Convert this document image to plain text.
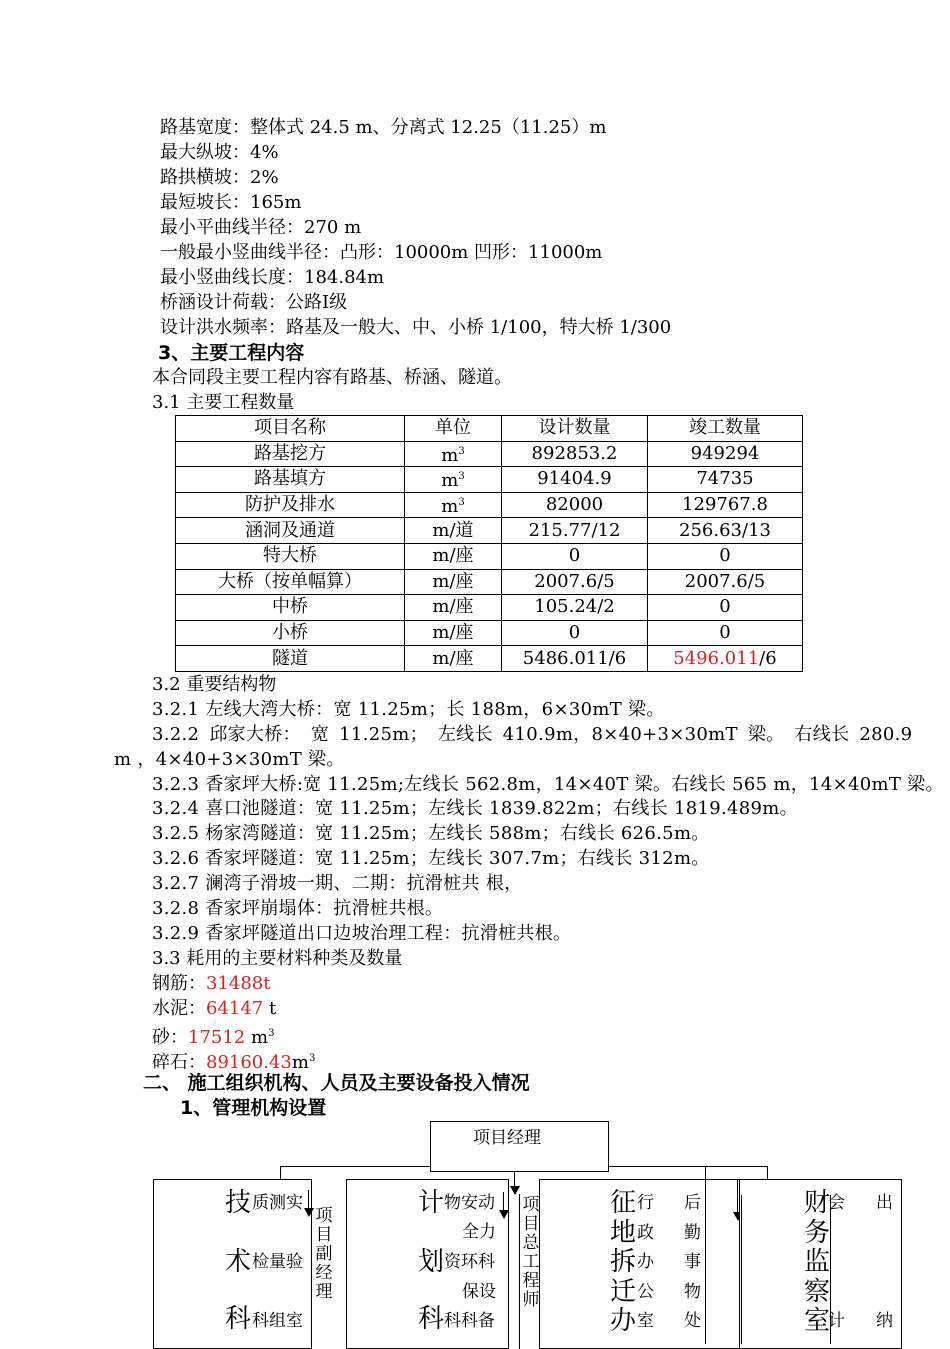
路基宽度：整体式 24.5 m、分离式 12.25（11.25）m
最大纵坡：4%
路拱横坡：2%
最短坡长：165m
最小平曲线半径：270 m
一般最小竖曲线半径：凸形：10000m 凹形：11000m
最小竖曲线长度：184.84m
桥涵设计荷载：公路Ⅰ级
设计洪水频率：路基及一般大、中、小桥 1/100，特大桥 1/300
3、主要工程内容
本合同段主要工程内容有路基、桥涵、隧道。
3.1 主要工程数量
项目名称	单位	设计数量	竣工数量
路基挖方	$m^3$	892853.2	949294
路基填方	$m^3$	91404.9	74735
防护及排水	$m^3$	82000	129767.8
涵洞及通道	m/道	215.77/12	256.63/13
特大桥	m/座	0	0
大桥（按单幅算）	m/座	2007.6/5	2007.6/5
中桥	m/座	105.24/2	0
小桥	m/座	0	0
隧道	m/座	5486.011/6	5496.011/6
3.2 重要结构物
3.2.1 左线大湾大桥：宽 11.25m；长 188m，6×30mT 梁。
3.2.2 邱家大桥： 宽 11.25m； 左线长 410.9m，8×40+3×30mT 梁。 右线长 280.9
m ，4×40+3×30mT 梁。
3.2.3 香家坪大桥:宽 11.25m;左线长 562.8m，14×40T 梁。右线长 565 m，14×40mT 梁。
3.2.4 喜口池隧道：宽 11.25m；左线长 1839.822m；右线长 1819.489m。
3.2.5 杨家湾隧道：宽 11.25m；左线长 588m；右线长 626.5m。
3.2.6 香家坪隧道：宽 11.25m；左线长 307.7m；右线长 312m。
3.2.7 澜湾子滑坡一期、二期：抗滑桩共 根，
3.2.8 香家坪崩塌体：抗滑桩共根。
3.2.9 香家坪隧道出口边坡治理工程：抗滑桩共根。
3.3 耗用的主要材料种类及数量
钢筋：31488t
水泥：64147 t
砂：17512 $m^3$
碎石：$89160.43m^3$
二、 施工组织机构、人员及主要设备投入情况
1、管理机构设置
项目经理
项
目
副
经
理
项
目
总
工
程
师
技
术
科
质测实
检量验
科组室
计
划
科
物安动
全力
资环科
保设
科科备
征
地
拆
迁
办
行
政
办
公
室
后
勤
事
物
处
财
务
监
察
室
会
计
出
纳
